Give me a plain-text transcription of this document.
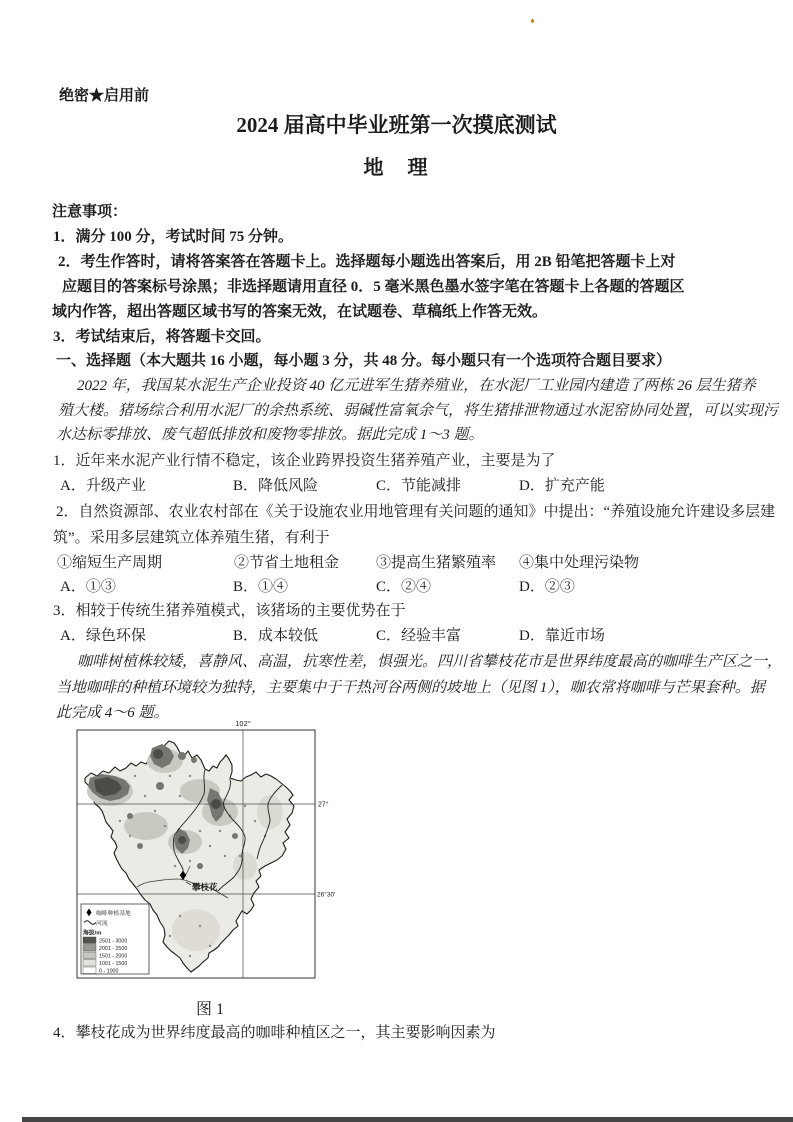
绝密★启用前
2024 届高中毕业班第一次摸底测试
地　理
注意事项：
1．满分 100 分，考试时间 75 分钟。
2．考生作答时，请将答案答在答题卡上。选择题每小题选出答案后，用 2B 铅笔把答题卡上对
应题目的答案标号涂黑；非选择题请用直径 0．5 毫米黑色墨水签字笔在答题卡上各题的答题区
域内作答，超出答题区域书写的答案无效，在试题卷、草稿纸上作答无效。
3．考试结束后，将答题卡交回。
一、选择题（本大题共 16 小题，每小题 3 分，共 48 分。每小题只有一个选项符合题目要求）
2022 年，我国某水泥生产企业投资 40 亿元进军生猪养殖业，在水泥厂工业园内建造了两栋 26 层生猪养
殖大楼。猪场综合利用水泥厂的余热系统、弱碱性富氧余气，将生猪排泄物通过水泥窑协同处置，可以实现污
水达标零排放、废气超低排放和废物零排放。据此完成 1～3 题。
1．近年来水泥产业行情不稳定，该企业跨界投资生猪养殖产业，主要是为了
A．升级产业	B．降低风险	C．节能减排	D．扩充产能
2．自然资源部、农业农村部在《关于设施农业用地管理有关问题的通知》中提出：“养殖设施允许建设多层建
筑”。采用多层建筑立体养殖生猪，有利于
①缩短生产周期	②节省土地租金 ③提高生猪繁殖率 ④集中处理污染物
A．①③	B．①④	C．②④	D．②③
3．相较于传统生猪养殖模式，该猪场的主要优势在于
A．绿色环保	B．成本较低	C．经验丰富	D．靠近市场
咖啡树植株较矮，喜静风、高温，抗寒性差，惧强光。四川省攀枝花市是世界纬度最高的咖啡生产区之一，
当地咖啡的种植环境较为独特，主要集中于干热河谷两侧的坡地上（见图 1），咖农常将咖啡与芒果套种。据
此完成 4～6 题。
攀枝花
102°
27°
26°30′
咖啡种植基地
河流
海拔/m
2501 - 3000
2001 - 2500
1501 - 2000
1001 - 1500
0 - 1000
图 1
4．攀枝花成为世界纬度最高的咖啡种植区之一，其主要影响因素为
